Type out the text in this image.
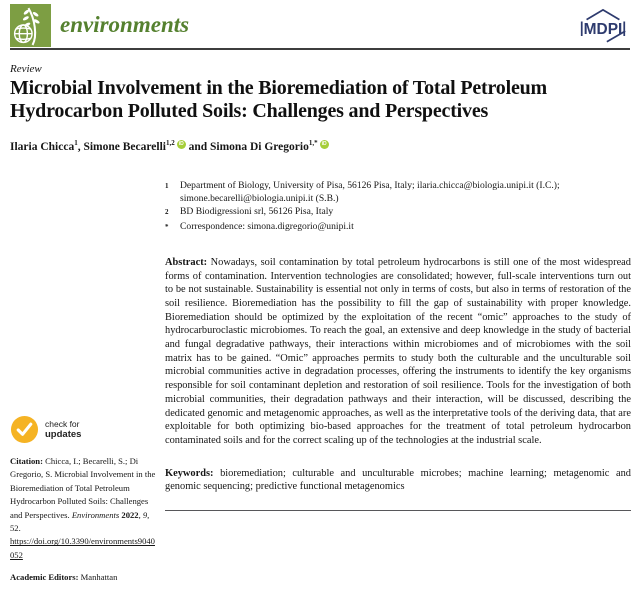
environments	MDPI
Review
Microbial Involvement in the Bioremediation of Total Petroleum Hydrocarbon Polluted Soils: Challenges and Perspectives
Ilaria Chicca$^1$, Simone Becarelli$^{1,2}$ iD and Simona Di Gregorio$^{1,*}$ iD
1	Department of Biology, University of Pisa, 56126 Pisa, Italy; ilaria.chicca@biologia.unipi.it (I.C.); simone.becarelli@biologia.unipi.it (S.B.)
2	BD Biodigressioni srl, 56126 Pisa, Italy
*	Correspondence: simona.digregorio@unipi.it

Abstract: Nowadays, soil contamination by total petroleum hydrocarbons is still one of the most widespread forms of contamination. Intervention technologies are consolidated; however, full-scale interventions turn out to be not sustainable. Sustainability is essential not only in terms of costs, but also in terms of restoration of the soil resilience. Bioremediation has the possibility to fill the gap of sustainability with proper knowledge. Bioremediation should be optimized by the exploitation of the recent “omic” approaches to the study of hydrocarburoclastic microbiomes. To reach the goal, an extensive and deep knowledge in the study of bacterial and fungal degradative pathways, their interactions within microbiomes and of microbiomes with the soil matrix has to be gained. “Omic” approaches permits to study both the culturable and the unculturable soil microbial communities active in degradation processes, offering the instruments to identify the key organisms responsible for soil contaminant depletion and restoration of soil resilience. Tools for the investigation of both microbial communities, their degradation pathways and their interaction, will be discussed, describing the dedicated genomic and metagenomic approaches, as well as the interpretative tools of the deriving data, that are exploitable for both optimizing bio-based approaches for the treatment of total petroleum hydrocarbon contaminated soils and for the correct scaling up of the technologies at the industrial scale.

Keywords: bioremediation; culturable and unculturable microbes; machine learning; metagenomic and genomic sequencing; predictive functional metagenomics

check for
updates

Citation: Chicca, I.; Becarelli, S.; Di Gregorio, S. Microbial Involvement in the Bioremediation of Total Petroleum Hydrocarbon Polluted Soils: Challenges and Perspectives. Environments 2022, 9, 52. https://doi.org/10.3390/environments9040052

Academic Editors: Manhattan
